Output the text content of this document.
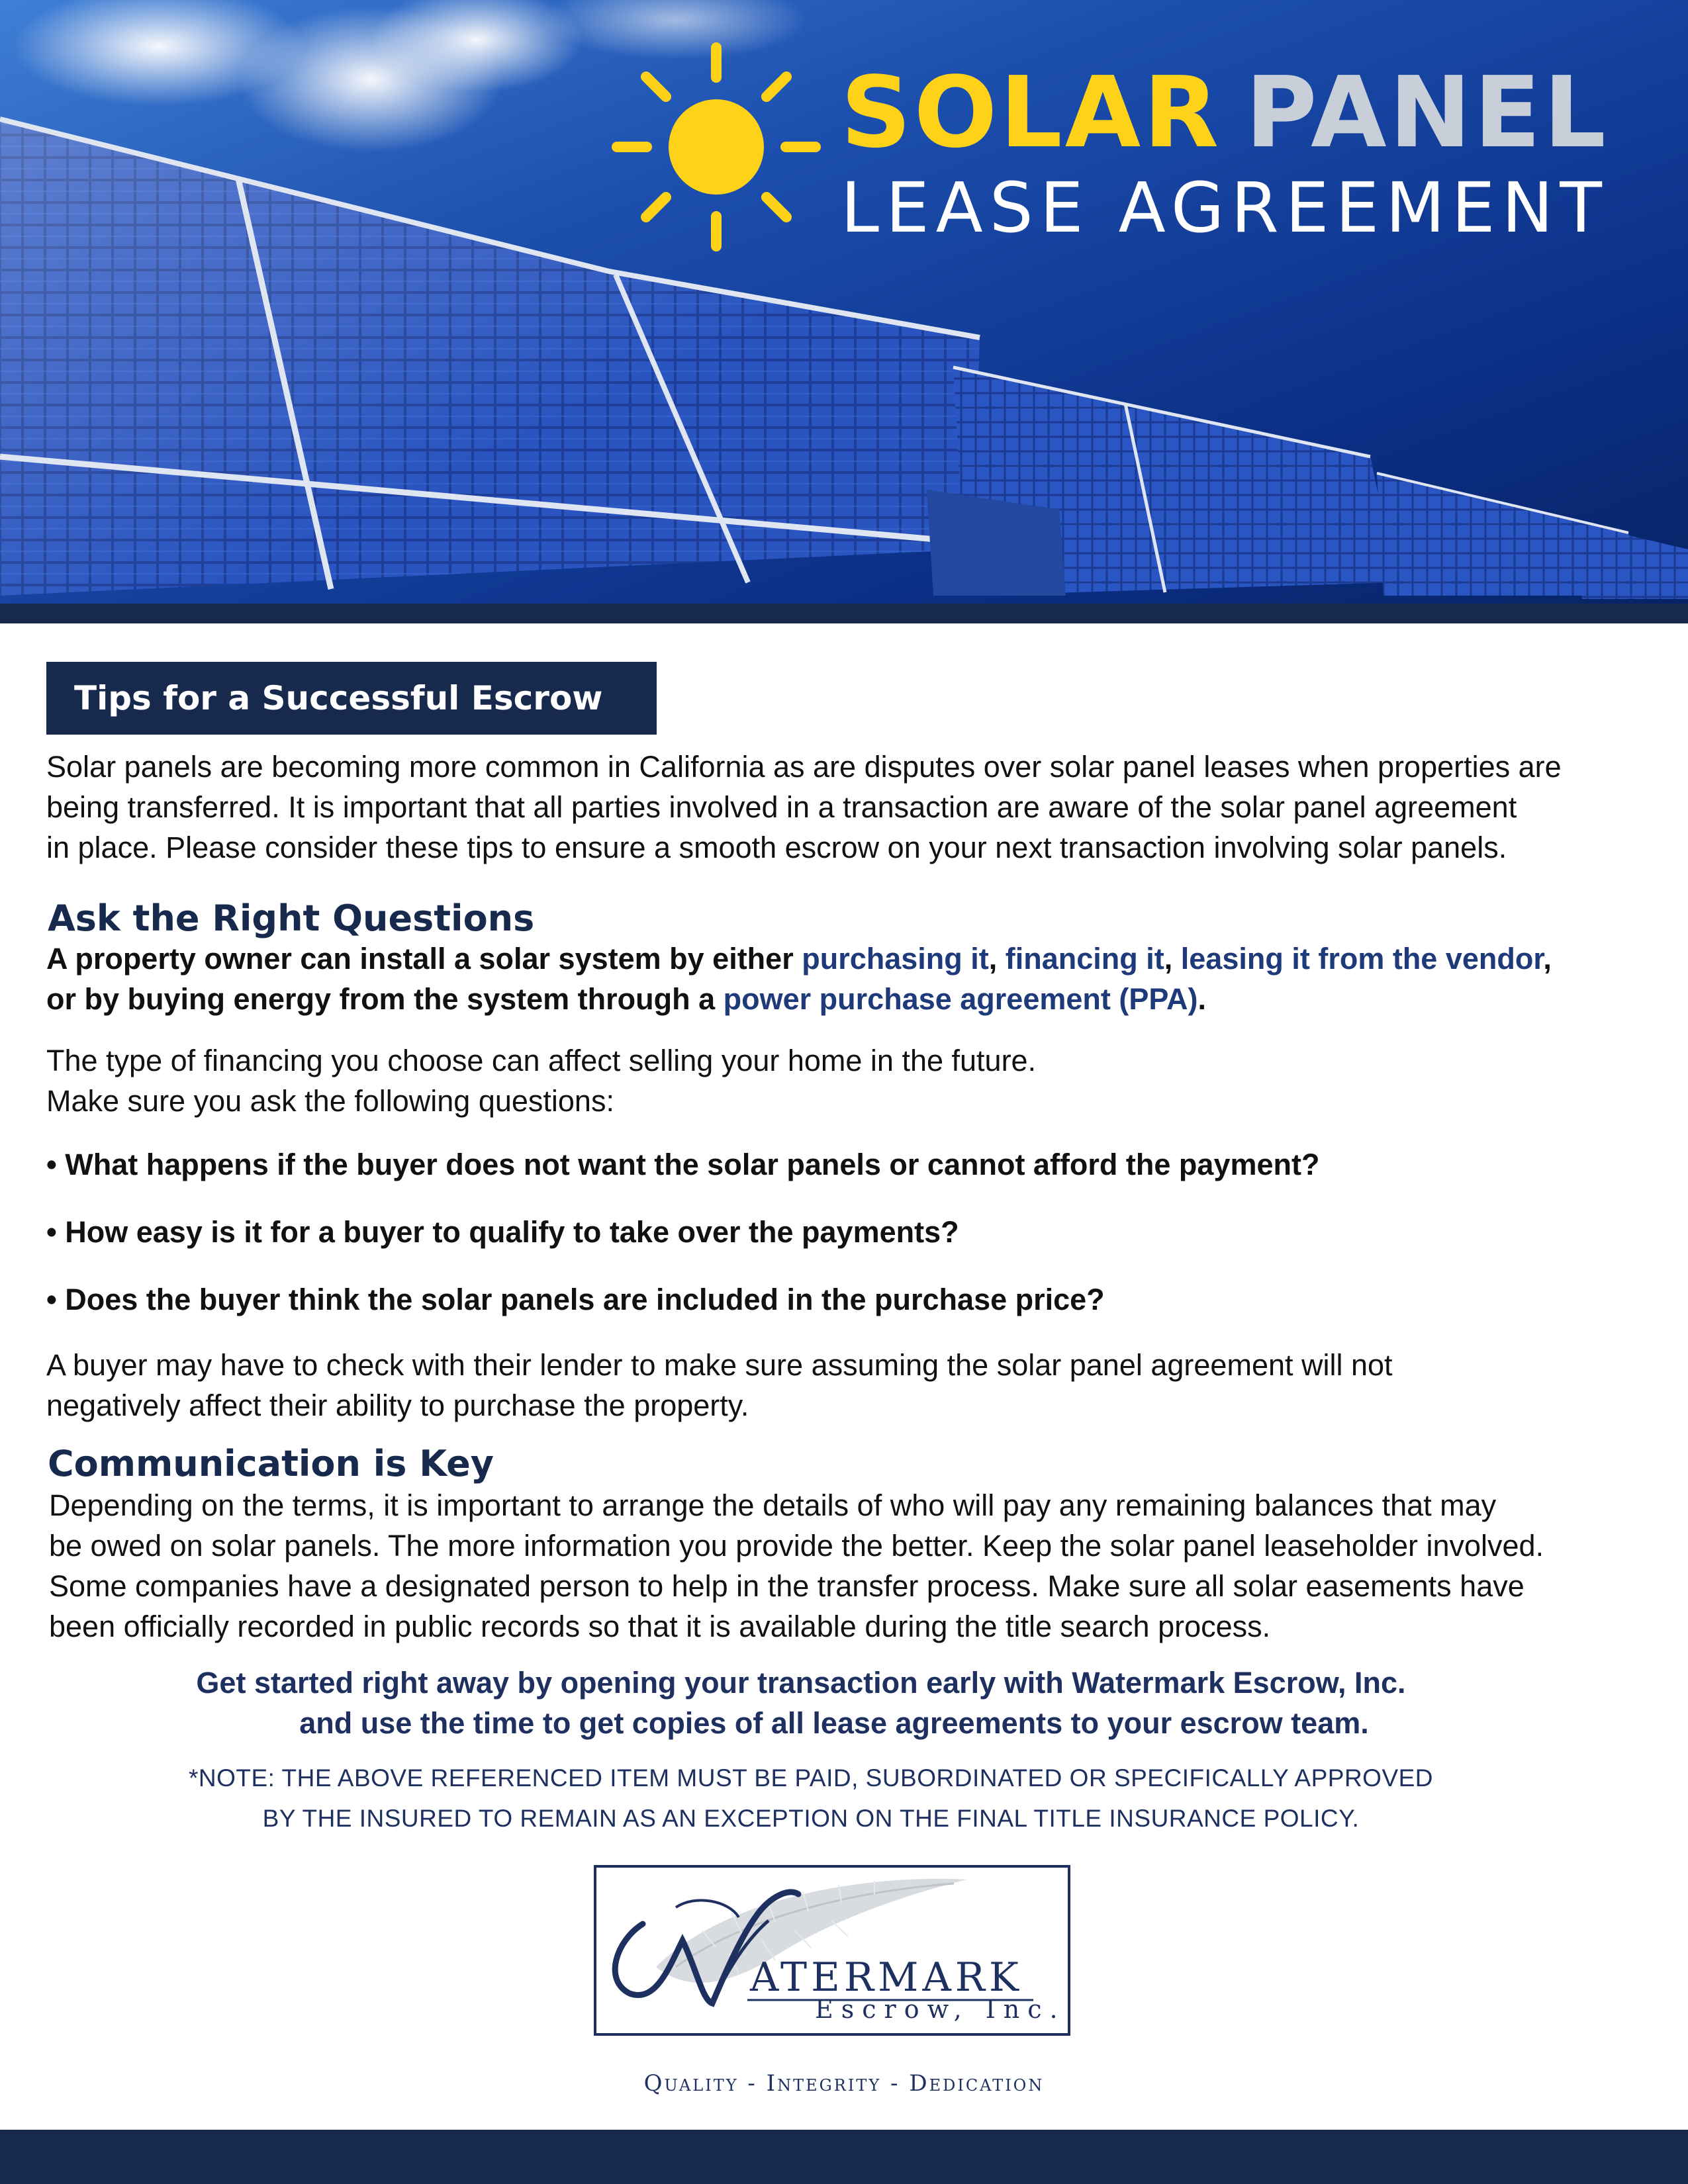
SOLAR PANEL
LEASE AGREEMENT
Tips for a Successful Escrow
Solar panels are becoming more common in California as are disputes over solar panel leases when properties are
being transferred. It is important that all parties involved in a transaction are aware of the solar panel agreement
in place. Please consider these tips to ensure a smooth escrow on your next transaction involving solar panels.
Ask the Right Questions
A property owner can install a solar system by either purchasing it, financing it, leasing it from the vendor,
or by buying energy from the system through a power purchase agreement (PPA).
The type of financing you choose can affect selling your home in the future.
Make sure you ask the following questions:
• What happens if the buyer does not want the solar panels or cannot afford the payment?
• How easy is it for a buyer to qualify to take over the payments?
• Does the buyer think the solar panels are included in the purchase price?
A buyer may have to check with their lender to make sure assuming the solar panel agreement will not
negatively affect their ability to purchase the property.
Communication is Key
Depending on the terms, it is important to arrange the details of who will pay any remaining balances that may
be owed on solar panels. The more information you provide the better. Keep the solar panel leaseholder involved.
Some companies have a designated person to help in the transfer process. Make sure all solar easements have
been officially recorded in public records so that it is available during the title search process.
Get started right away by opening your transaction early with Watermark Escrow, Inc.
and use the time to get copies of all lease agreements to your escrow team.
*NOTE: THE ABOVE REFERENCED ITEM MUST BE PAID, SUBORDINATED OR SPECIFICALLY APPROVED
BY THE INSURED TO REMAIN AS AN EXCEPTION ON THE FINAL TITLE INSURANCE POLICY.
ATERMARK
Escrow, Inc.
Quality - Integrity - Dedication
